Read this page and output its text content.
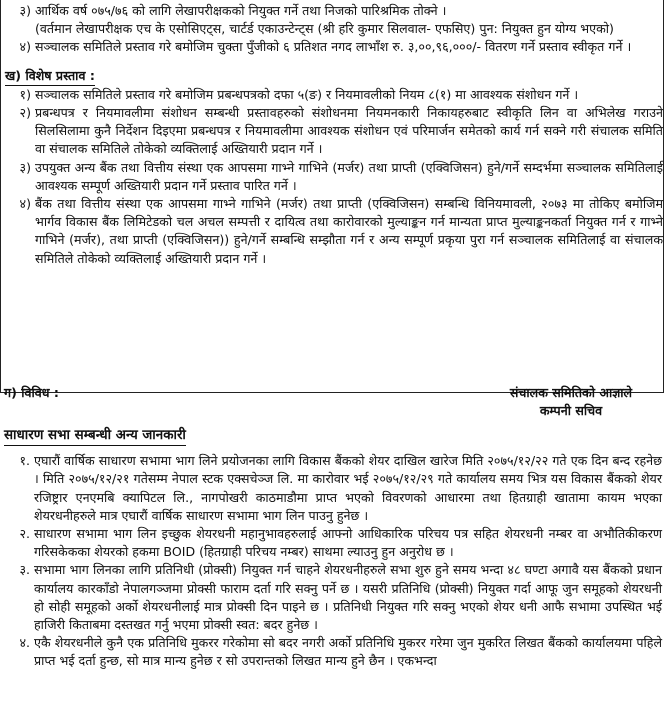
३) आर्थिक वर्ष ०७५/७६ को लागि लेखापरीक्षकको नियुक्त गर्ने तथा निजको पारिश्रमिक तोक्ने ।
(वर्तमान लेखापरीक्षक एच के एसोसिएट्स, चार्टर्ड एकाउन्टेन्ट्स (श्री हरि कुमार सिलवाल- एफसिए) पुन: नियुक्त हुन योग्य भएको)
४) सञ्चालक समितिले प्रस्ताव गरे बमोजिम चुक्ता पुँजीको ६ प्रतिशत नगद लाभाँश रु. ३,००,९६,०००/- वितरण गर्ने प्रस्ताव स्वीकृत गर्ने ।
ख) विशेष प्रस्ताव :
१) सञ्चालक समितिले प्रस्ताव गरे बमोजिम प्रबन्धपत्रको दफा ५(ङ) र नियमावलीको नियम ८(१) मा आवश्यक संशोधन गर्ने ।
२) प्रबन्धपत्र र नियमावलीमा संशोधन सम्बन्धी प्रस्तावहरुको संशोधनमा नियमनकारी निकायहरुबाट स्वीकृति लिन वा अभिलेख गराउने सिलसिलामा कुनै निर्देशन दिइएमा प्रबन्धपत्र र नियमावलीमा आवश्यक संशोधन एवं परिमार्जन समेतको कार्य गर्न सक्ने गरी संचालक समिति वा संचालक समितिले तोकेको व्यक्तिलाई अख्तियारी प्रदान गर्ने ।
३) उपयुक्त अन्य बैंक तथा वित्तीय संस्था एक आपसमा गाभ्ने गाभिने (मर्जर) तथा प्राप्ती (एक्विजिसन) हुने/गर्ने सम्दर्भमा सञ्चालक समितिलाई आवश्यक सम्पूर्ण अख्तियारी प्रदान गर्ने प्रस्ताव पारित गर्ने ।
४) बैंक तथा वित्तीय संस्था एक आपसमा गाभ्ने गाभिने (मर्जर) तथा प्राप्ती (एक्विजिसन) सम्बन्धि विनियमावली, २०७३ मा तोकिए बमोजिम भार्गव विकास बैंक लिमिटेडको चल अचल सम्पत्ती र दायित्व तथा कारोवारको मुल्याङ्कन गर्न मान्यता प्राप्त मुल्याङ्कनकर्ता नियुक्त गर्न र गाभ्ने गाभिने (मर्जर), तथा प्राप्ती (एक्विजिसन)) हुने/गर्ने सम्बन्धि सम्झौता गर्न र अन्य सम्पूर्ण प्रकृया पुरा गर्न सञ्चालक समितिलाई वा संचालक समितिले तोकेको व्यक्तिलाई अख्तियारी प्रदान गर्ने ।
ग) विविध :	संचालक समितिको आज्ञाले
कम्पनी सचिव
साधारण सभा सम्बन्धी अन्य जानकारी
१. एघारौं वार्षिक साधारण सभामा भाग लिने प्रयोजनका लागि विकास बैंकको शेयर दाखिल खारेज मिति २०७५/१२/२२ गते एक दिन बन्द रहनेछ । मिति २०७५/१२/२१ गतेसम्म नेपाल स्टक एक्सचेञ्ज लि. मा कारोवार भई २०७५/१२/२९ गते कार्यालय समय भित्र यस विकास बैंकको शेयर रजिष्ट्रार एनएमबि क्यापिटल लि., नागपोखरी काठमाडौमा प्राप्त भएको विवरणको आधारमा तथा हितग्राही खातामा कायम भएका शेयरधनीहरुले मात्र एघारौं वार्षिक साधारण सभामा भाग लिन पाउनु हुनेछ ।
२. साधारण सभामा भाग लिन इच्छुक शेयरधनी महानुभावहरुलाई आफ्नो आधिकारिक परिचय पत्र सहित शेयरधनी नम्बर वा अभौतिकीकरण गरिसकेकका शेयरको हकमा BOID (हितग्राही परिचय नम्बर) साथमा ल्याउनु हुन अनुरोध छ ।
३. सभामा भाग लिनका लागि प्रतिनिधी (प्रोक्सी) नियुक्त गर्न चाहने शेयरधनीहरुले सभा शुरु हुने समय भन्दा ४८ घण्टा अगावै यस बैंकको प्रधान कार्यालय कारकाँडो नेपालगञ्जमा प्रोक्सी फाराम दर्ता गरि सक्नु पर्ने छ । यसरी प्रतिनिधि (प्रोक्सी) नियुक्त गर्दा आफू जुन समूहको शेयरधनी हो सोही समूहको अर्को शेयरधनीलाई मात्र प्रोक्सी दिन पाइने छ । प्रतिनिधी नियुक्त गरि सक्नु भएको शेयर धनी आफै सभामा उपस्थित भई हाजिरी किताबमा दस्तखत गर्नु भएमा प्रोक्सी स्वत: बदर हुनेछ ।
४. एकै शेयरधनीले कुनै एक प्रतिनिधि मुकरर गरेकोमा सो बदर नगरी अर्को प्रतिनिधि मुकरर गरेमा जुन मुकरित लिखत बैंकको कार्यालयमा पहिले प्राप्त भई दर्ता हुन्छ, सो मात्र मान्य हुनेछ र सो उपरान्तको लिखत मान्य हुने छैन । एकभन्दा
